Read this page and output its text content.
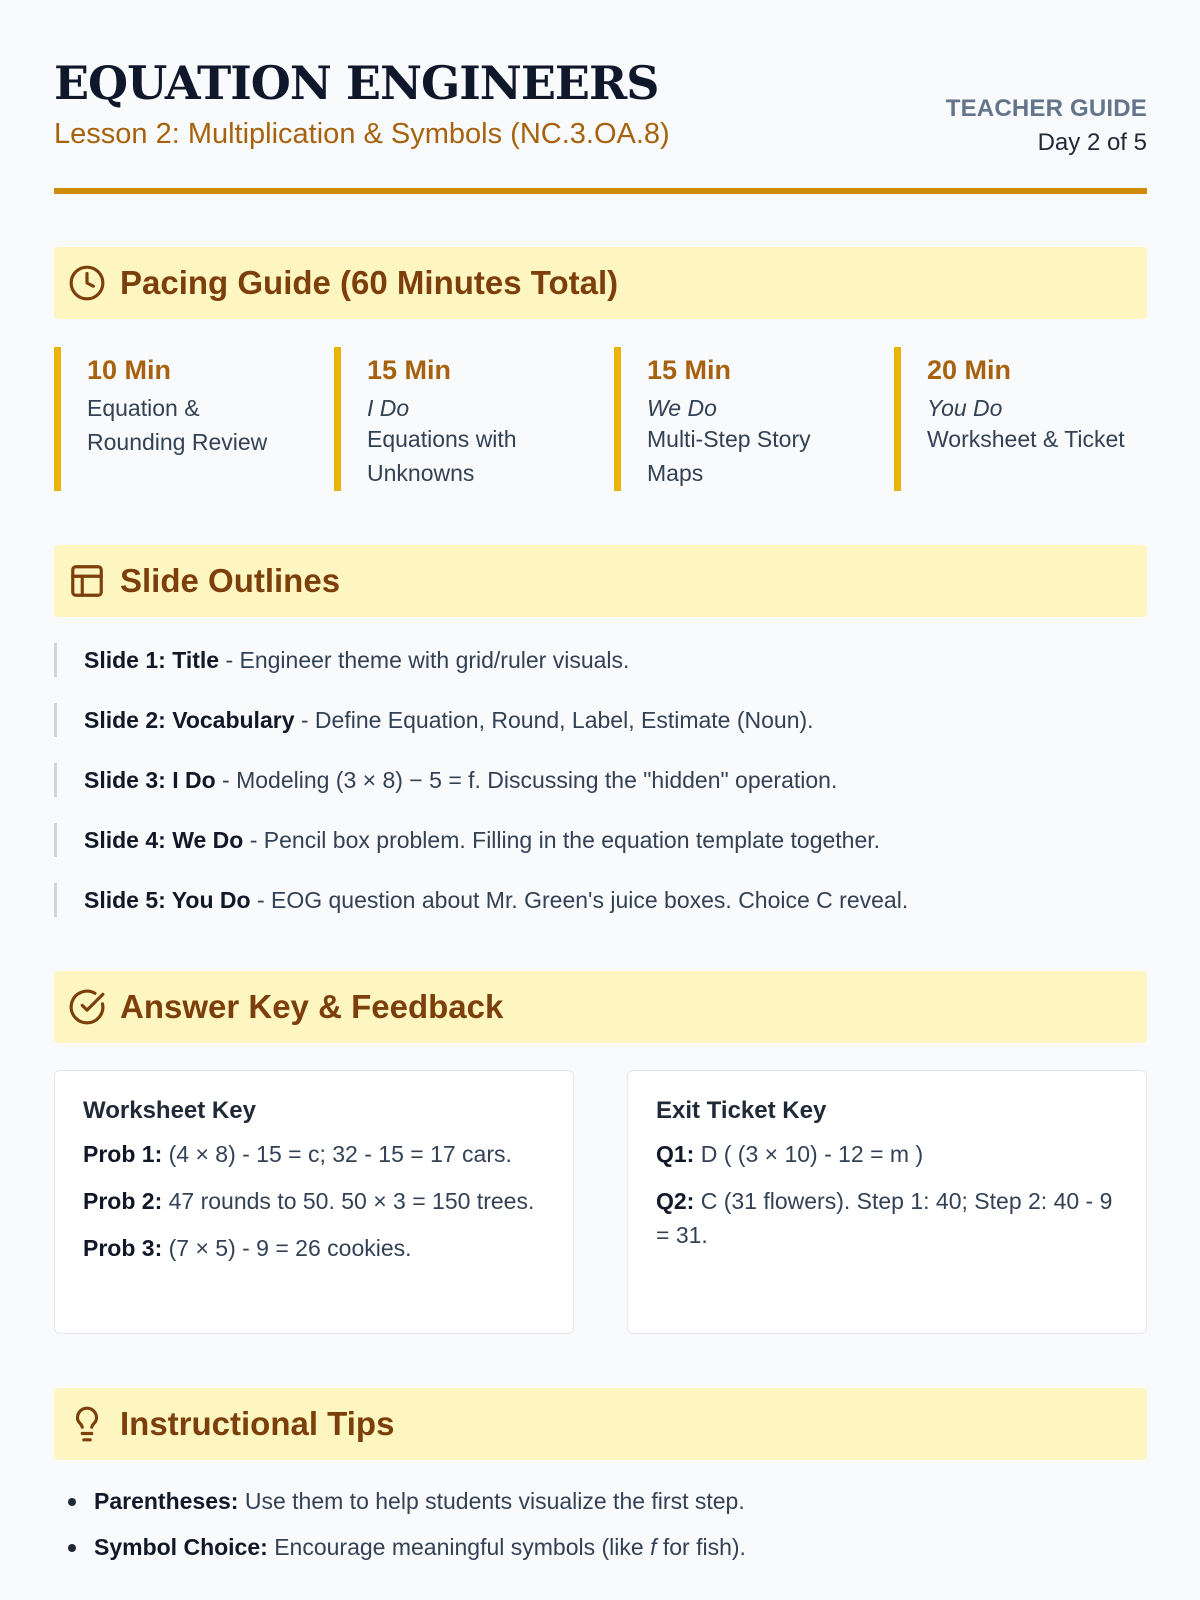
EQUATION ENGINEERS
Lesson 2: Multiplication & Symbols (NC.3.OA.8)
TEACHER GUIDE
Day 2 of 5
Pacing Guide (60 Minutes Total)
10 Min
Equation &
Rounding Review
15 Min
I Do
Equations with
Unknowns
15 Min
We Do
Multi-Step Story
Maps
20 Min
You Do
Worksheet & Ticket
Slide Outlines
Slide 1: Title - Engineer theme with grid/ruler visuals.
Slide 2: Vocabulary - Define Equation, Round, Label, Estimate (Noun).
Slide 3: I Do - Modeling (3 × 8) − 5 = f. Discussing the "hidden" operation.
Slide 4: We Do - Pencil box problem. Filling in the equation template together.
Slide 5: You Do - EOG question about Mr. Green's juice boxes. Choice C reveal.
Answer Key & Feedback
Worksheet Key
Prob 1: (4 × 8) - 15 = c; 32 - 15 = 17 cars.
Prob 2: 47 rounds to 50. 50 × 3 = 150 trees.
Prob 3: (7 × 5) - 9 = 26 cookies.
Exit Ticket Key
Q1: D ( (3 × 10) - 12 = m )
Q2: C (31 flowers). Step 1: 40; Step 2: 40 - 9 = 31.
Instructional Tips
Parentheses: Use them to help students visualize the first step.
Symbol Choice: Encourage meaningful symbols (like f for fish).
